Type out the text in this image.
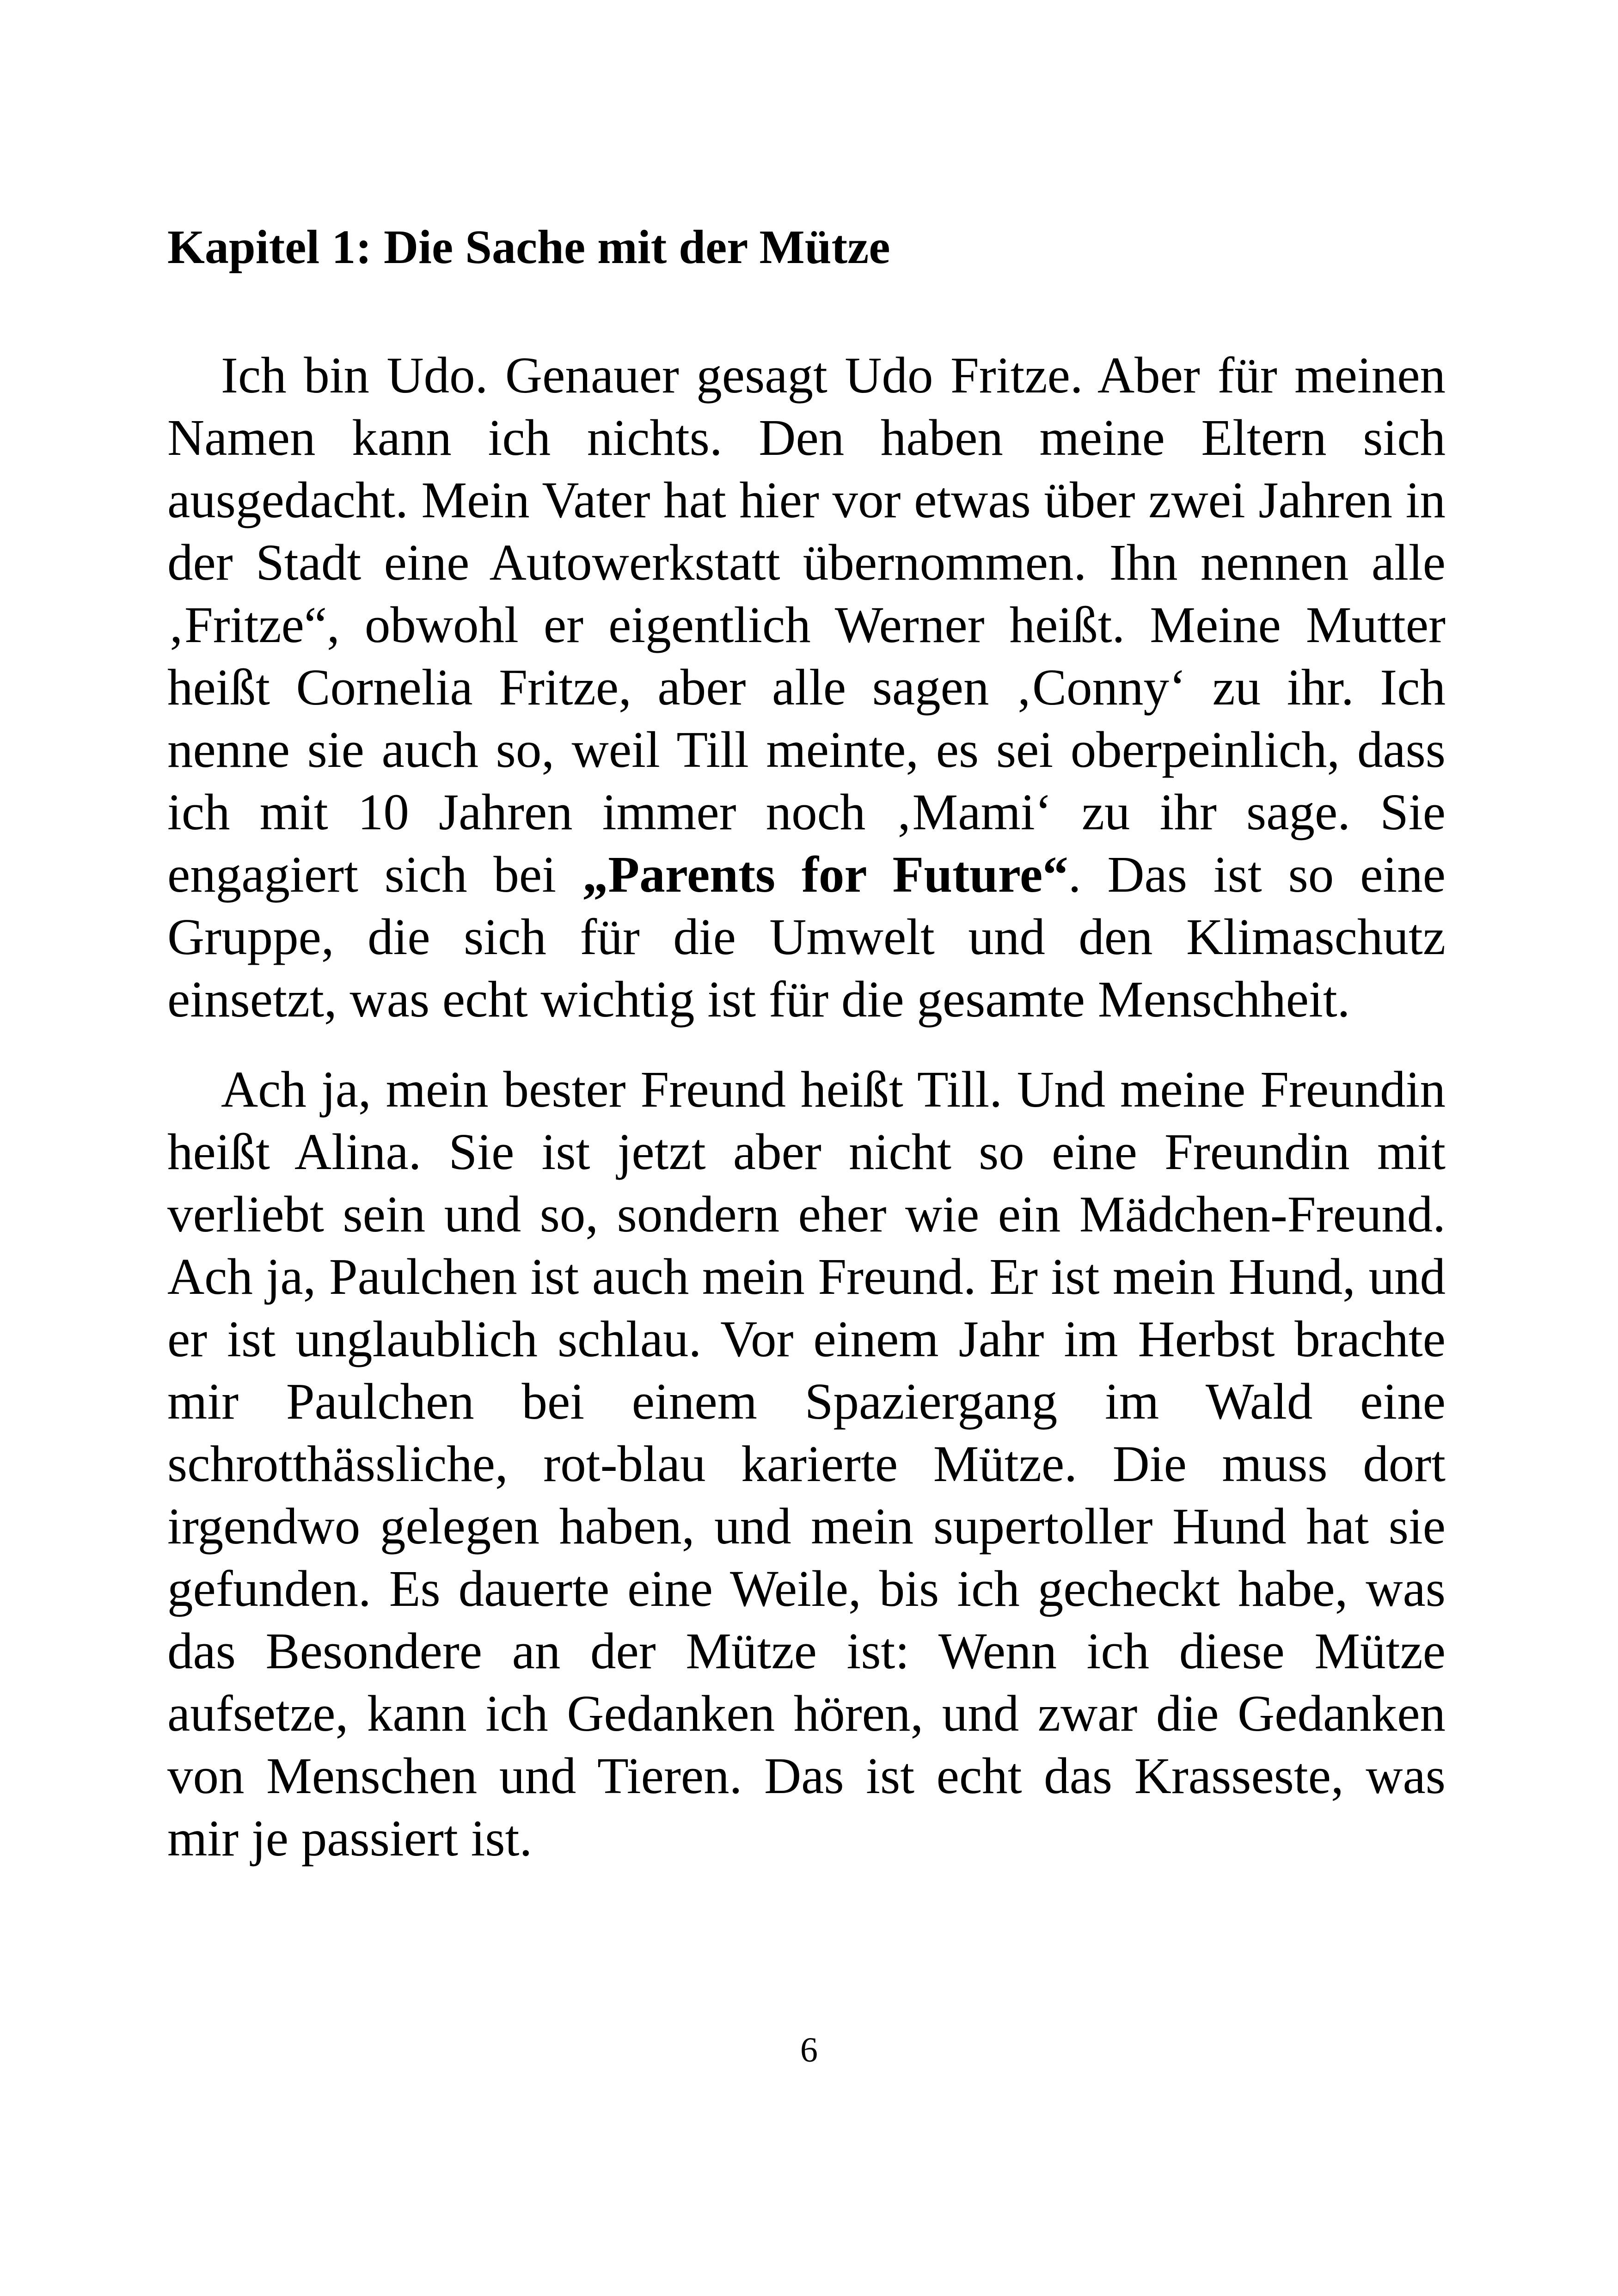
Kapitel 1: Die Sache mit der Mütze

Ich bin Udo. Genauer gesagt Udo Fritze. Aber für meinen Namen kann ich nichts. Den haben meine Eltern sich ausgedacht. Mein Vater hat hier vor etwas über zwei Jahren in der Stadt eine Autowerkstatt übernommen. Ihn nennen alle ‚Fritze“, obwohl er eigentlich Werner heißt. Meine Mutter heißt Cornelia Fritze, aber alle sagen ‚Conny‘ zu ihr. Ich nenne sie auch so, weil Till meinte, es sei oberpeinlich, dass ich mit 10 Jahren immer noch ‚Mami‘ zu ihr sage. Sie engagiert sich bei „Parents for Future“. Das ist so eine Gruppe, die sich für die Umwelt und den Klimaschutz einsetzt, was echt wichtig ist für die gesamte Menschheit.

Ach ja, mein bester Freund heißt Till. Und meine Freundin heißt Alina. Sie ist jetzt aber nicht so eine Freundin mit verliebt sein und so, sondern eher wie ein Mädchen-Freund. Ach ja, Paulchen ist auch mein Freund. Er ist mein Hund, und er ist unglaublich schlau. Vor einem Jahr im Herbst brachte mir Paulchen bei einem Spaziergang im Wald eine schrotthässliche, rot-blau karierte Mütze. Die muss dort irgendwo gelegen haben, und mein supertoller Hund hat sie gefunden. Es dauerte eine Weile, bis ich gecheckt habe, was das Besondere an der Mütze ist: Wenn ich diese Mütze aufsetze, kann ich Gedanken hören, und zwar die Gedanken von Menschen und Tieren. Das ist echt das Krasseste, was mir je passiert ist.

6
